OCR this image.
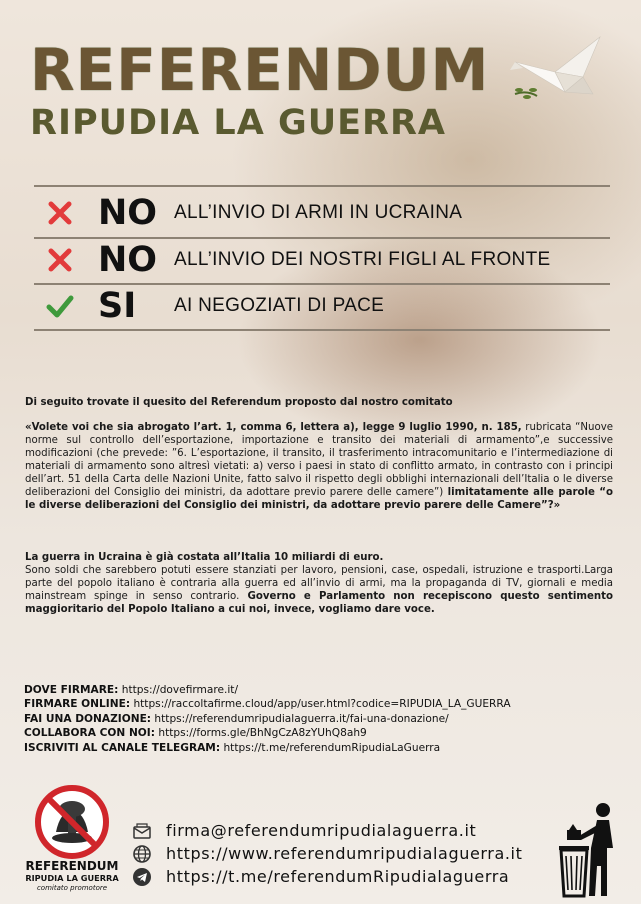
REFERENDUM
RIPUDIA LA GUERRA
NO ALL’INVIO DI ARMI IN UCRAINA
NO ALL’INVIO DEI NOSTRI FIGLI AL FRONTE
SI	AI NEGOZIATI DI PACE

Di seguito trovate il quesito del Referendum proposto dal nostro comitato

«Volete voi che sia abrogato l’art. 1, comma 6, lettera a), legge 9 luglio 1990, n. 185, rubricata “Nuove norme sul controllo dell’esportazione, importazione e transito dei materiali di armamento”,e successive modificazioni (che prevede: ”6. L’esportazione, il transito, il trasferimento intracomunitario e l’intermediazione di materiali di armamento sono altresì vietati: a) verso i paesi in stato di conflitto armato, in contrasto con i principi dell’art. 51 della Carta delle Nazioni Unite, fatto salvo il rispetto degli obblighi internazionali dell’Italia o le diverse deliberazioni del Consiglio dei ministri, da adottare previo parere delle camere”) limitatamente alle parole “o le diverse deliberazioni del Consiglio dei ministri, da adottare previo parere delle Camere”?»

La guerra in Ucraina è già costata all’Italia 10 miliardi di euro.
Sono soldi che sarebbero potuti essere stanziati per lavoro, pensioni, case, ospedali, istruzione e trasporti.Larga parte del popolo italiano è contraria alla guerra ed all’invio di armi, ma la propaganda di TV, giornali e media mainstream spinge in senso contrario. Governo e Parlamento non recepiscono questo sentimento maggioritario del Popolo Italiano a cui noi, invece, vogliamo dare voce.

DOVE FIRMARE: https://dovefirmare.it/
FIRMARE ONLINE: https://raccoltafirme.cloud/app/user.html?codice=RIPUDIA_LA_GUERRA
FAI UNA DONAZIONE: https://referendumripudialaguerra.it/fai-una-donazione/
COLLABORA CON NOI: https://forms.gle/BhNgCzA8zYUhQ8ah9
ISCRIVITI AL CANALE TELEGRAM: https://t.me/referendumRipudiaLaGuerra
REFERENDUM
RIPUDIA LA GUERRA
comitato promotore
firma@referendumripudialaguerra.it
https://www.referendumripudialaguerra.it
https://t.me/referendumRipudialaguerra
